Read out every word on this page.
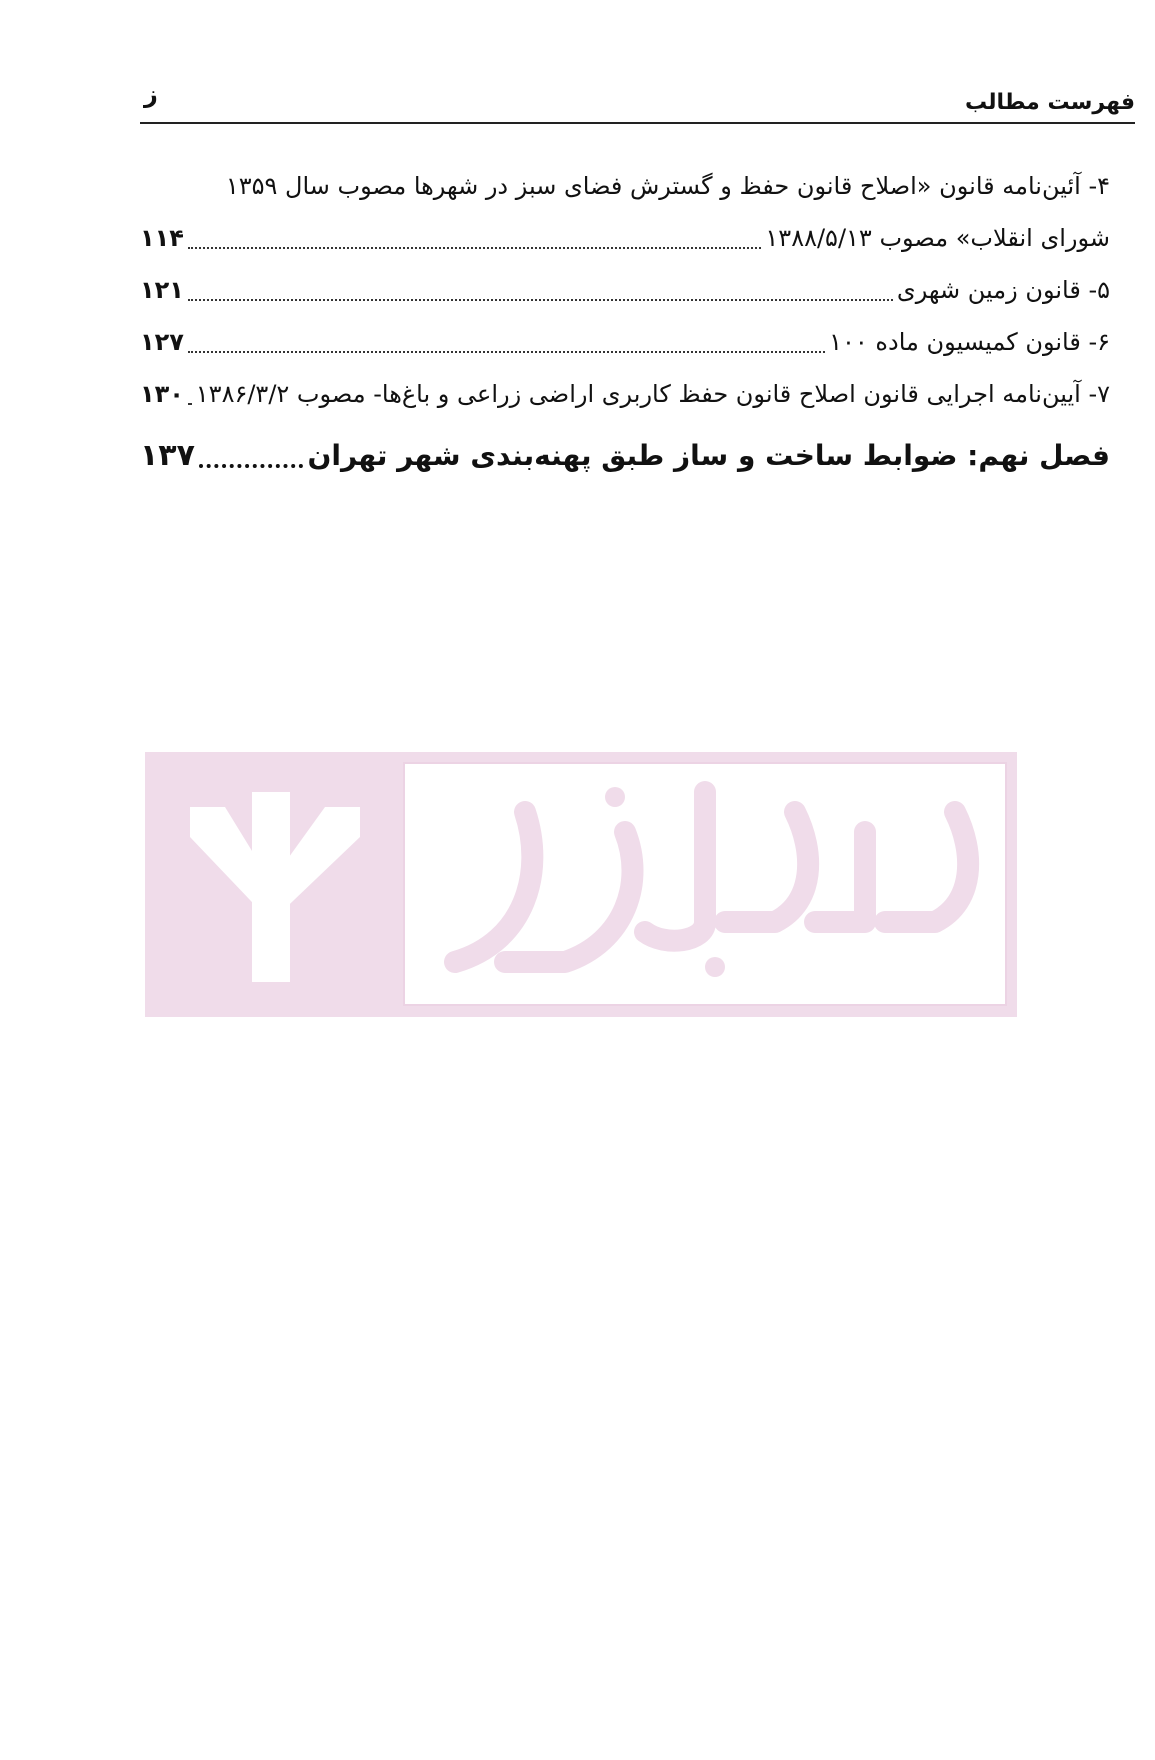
فهرست مطالب
ز
۴- آئین‌نامه قانون «اصلاح قانون حفظ و گسترش فضای سبز در شهرها مصوب سال ۱۳۵۹
شورای انقلاب» مصوب ۱۳۸۸/۵/۱۳
۱۱۴
۵- قانون زمین شهری
۱۲۱
۶- قانون کمیسیون ماده ۱۰۰
۱۲۷
۷- آیین‌نامه اجرایی قانون اصلاح قانون حفظ کاربری اراضی زراعی و باغ‌ها- مصوب ۱۳۸۶/۳/۲
۱۳۰
فصل نهم: ضوابط ساخت و ساز طبق پهنه‌بندی شهر تهران
۱۳۷
